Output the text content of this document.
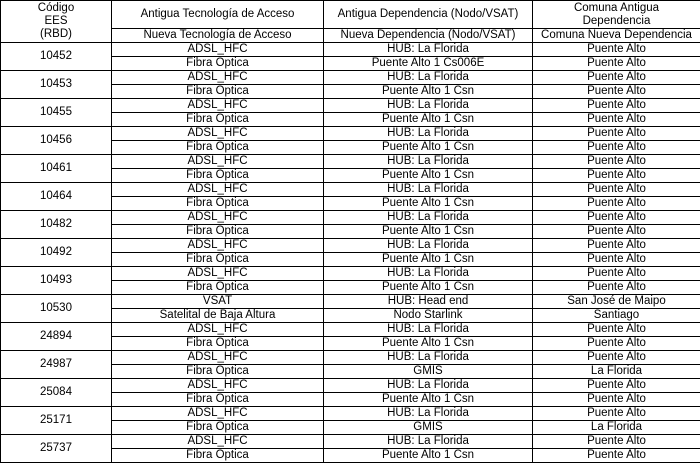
Código EES (RBD)	Antigua Tecnología de Acceso	Antigua Dependencia (Nodo/VSAT)	Comuna Antigua Dependencia
	Nueva Tecnología de Acceso	Nueva Dependencia (Nodo/VSAT)	Comuna Nueva Dependencia
10452	ADSL_HFC	HUB: La Florida	Puente Alto
	Fibra Óptica	Puente Alto 1 Cs006E	Puente Alto
10453	ADSL_HFC	HUB: La Florida	Puente Alto
	Fibra Óptica	Puente Alto 1 Csn	Puente Alto
10455	ADSL_HFC	HUB: La Florida	Puente Alto
	Fibra Óptica	Puente Alto 1 Csn	Puente Alto
10456	ADSL_HFC	HUB: La Florida	Puente Alto
	Fibra Óptica	Puente Alto 1 Csn	Puente Alto
10461	ADSL_HFC	HUB: La Florida	Puente Alto
	Fibra Óptica	Puente Alto 1 Csn	Puente Alto
10464	ADSL_HFC	HUB: La Florida	Puente Alto
	Fibra Óptica	Puente Alto 1 Csn	Puente Alto
10482	ADSL_HFC	HUB: La Florida	Puente Alto
	Fibra Óptica	Puente Alto 1 Csn	Puente Alto
10492	ADSL_HFC	HUB: La Florida	Puente Alto
	Fibra Óptica	Puente Alto 1 Csn	Puente Alto
10493	ADSL_HFC	HUB: La Florida	Puente Alto
	Fibra Óptica	Puente Alto 1 Csn	Puente Alto
10530	VSAT	HUB: Head end	San José de Maipo
	Satelital de Baja Altura	Nodo Starlink	Santiago
24894	ADSL_HFC	HUB: La Florida	Puente Alto
	Fibra Óptica	Puente Alto 1 Csn	Puente Alto
24987	ADSL_HFC	HUB: La Florida	Puente Alto
	Fibra Óptica	GMIS	La Florida
25084	ADSL_HFC	HUB: La Florida	Puente Alto
	Fibra Óptica	Puente Alto 1 Csn	Puente Alto
25171	ADSL_HFC	HUB: La Florida	Puente Alto
	Fibra Óptica	GMIS	La Florida
25737	ADSL_HFC	HUB: La Florida	Puente Alto
	Fibra Óptica	Puente Alto 1 Csn	Puente Alto
